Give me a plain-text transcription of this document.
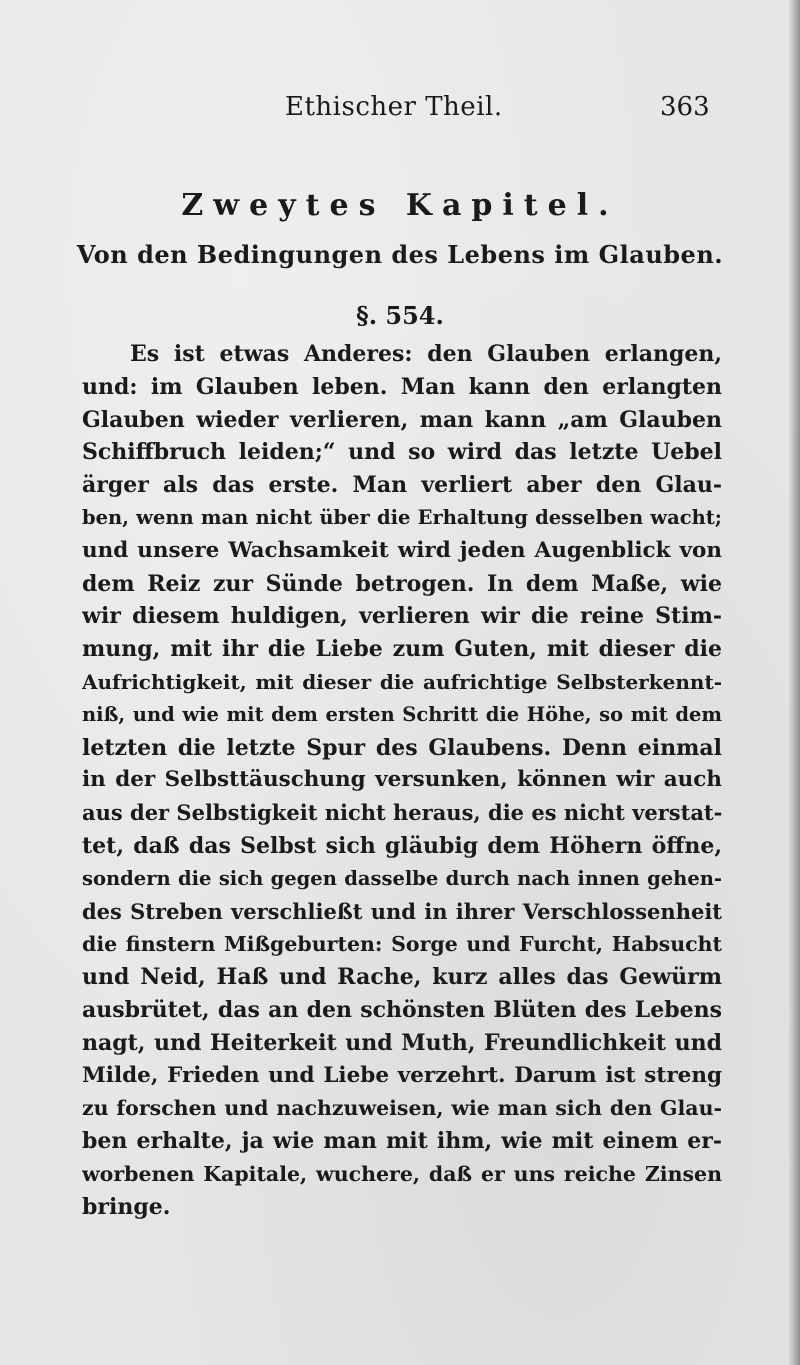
Ethischer Theil.	363
Zweytes Kapitel.
Von den Bedingungen des Lebens im Glauben.
§. 554.
Es ist etwas Anderes: den Glauben erlangen,
und: im Glauben leben. Man kann den erlangten
Glauben wieder verlieren, man kann „am Glauben
Schiffbruch leiden;“ und so wird das letzte Uebel
ärger als das erste. Man verliert aber den Glau-
ben, wenn man nicht über die Erhaltung desselben wacht;
und unsere Wachsamkeit wird jeden Augenblick von
dem Reiz zur Sünde betrogen. In dem Maße, wie
wir diesem huldigen, verlieren wir die reine Stim-
mung, mit ihr die Liebe zum Guten, mit dieser die
Aufrichtigkeit, mit dieser die aufrichtige Selbsterkennt-
niß, und wie mit dem ersten Schritt die Höhe, so mit dem
letzten die letzte Spur des Glaubens. Denn einmal
in der Selbsttäuschung versunken, können wir auch
aus der Selbstigkeit nicht heraus, die es nicht verstat-
tet, daß das Selbst sich gläubig dem Höhern öffne,
sondern die sich gegen dasselbe durch nach innen gehen-
des Streben verschließt und in ihrer Verschlossenheit
die finstern Mißgeburten: Sorge und Furcht, Habsucht
und Neid, Haß und Rache, kurz alles das Gewürm
ausbrütet, das an den schönsten Blüten des Lebens
nagt, und Heiterkeit und Muth, Freundlichkeit und
Milde, Frieden und Liebe verzehrt. Darum ist streng
zu forschen und nachzuweisen, wie man sich den Glau-
ben erhalte, ja wie man mit ihm, wie mit einem er-
worbenen Kapitale, wuchere, daß er uns reiche Zinsen
bringe.
